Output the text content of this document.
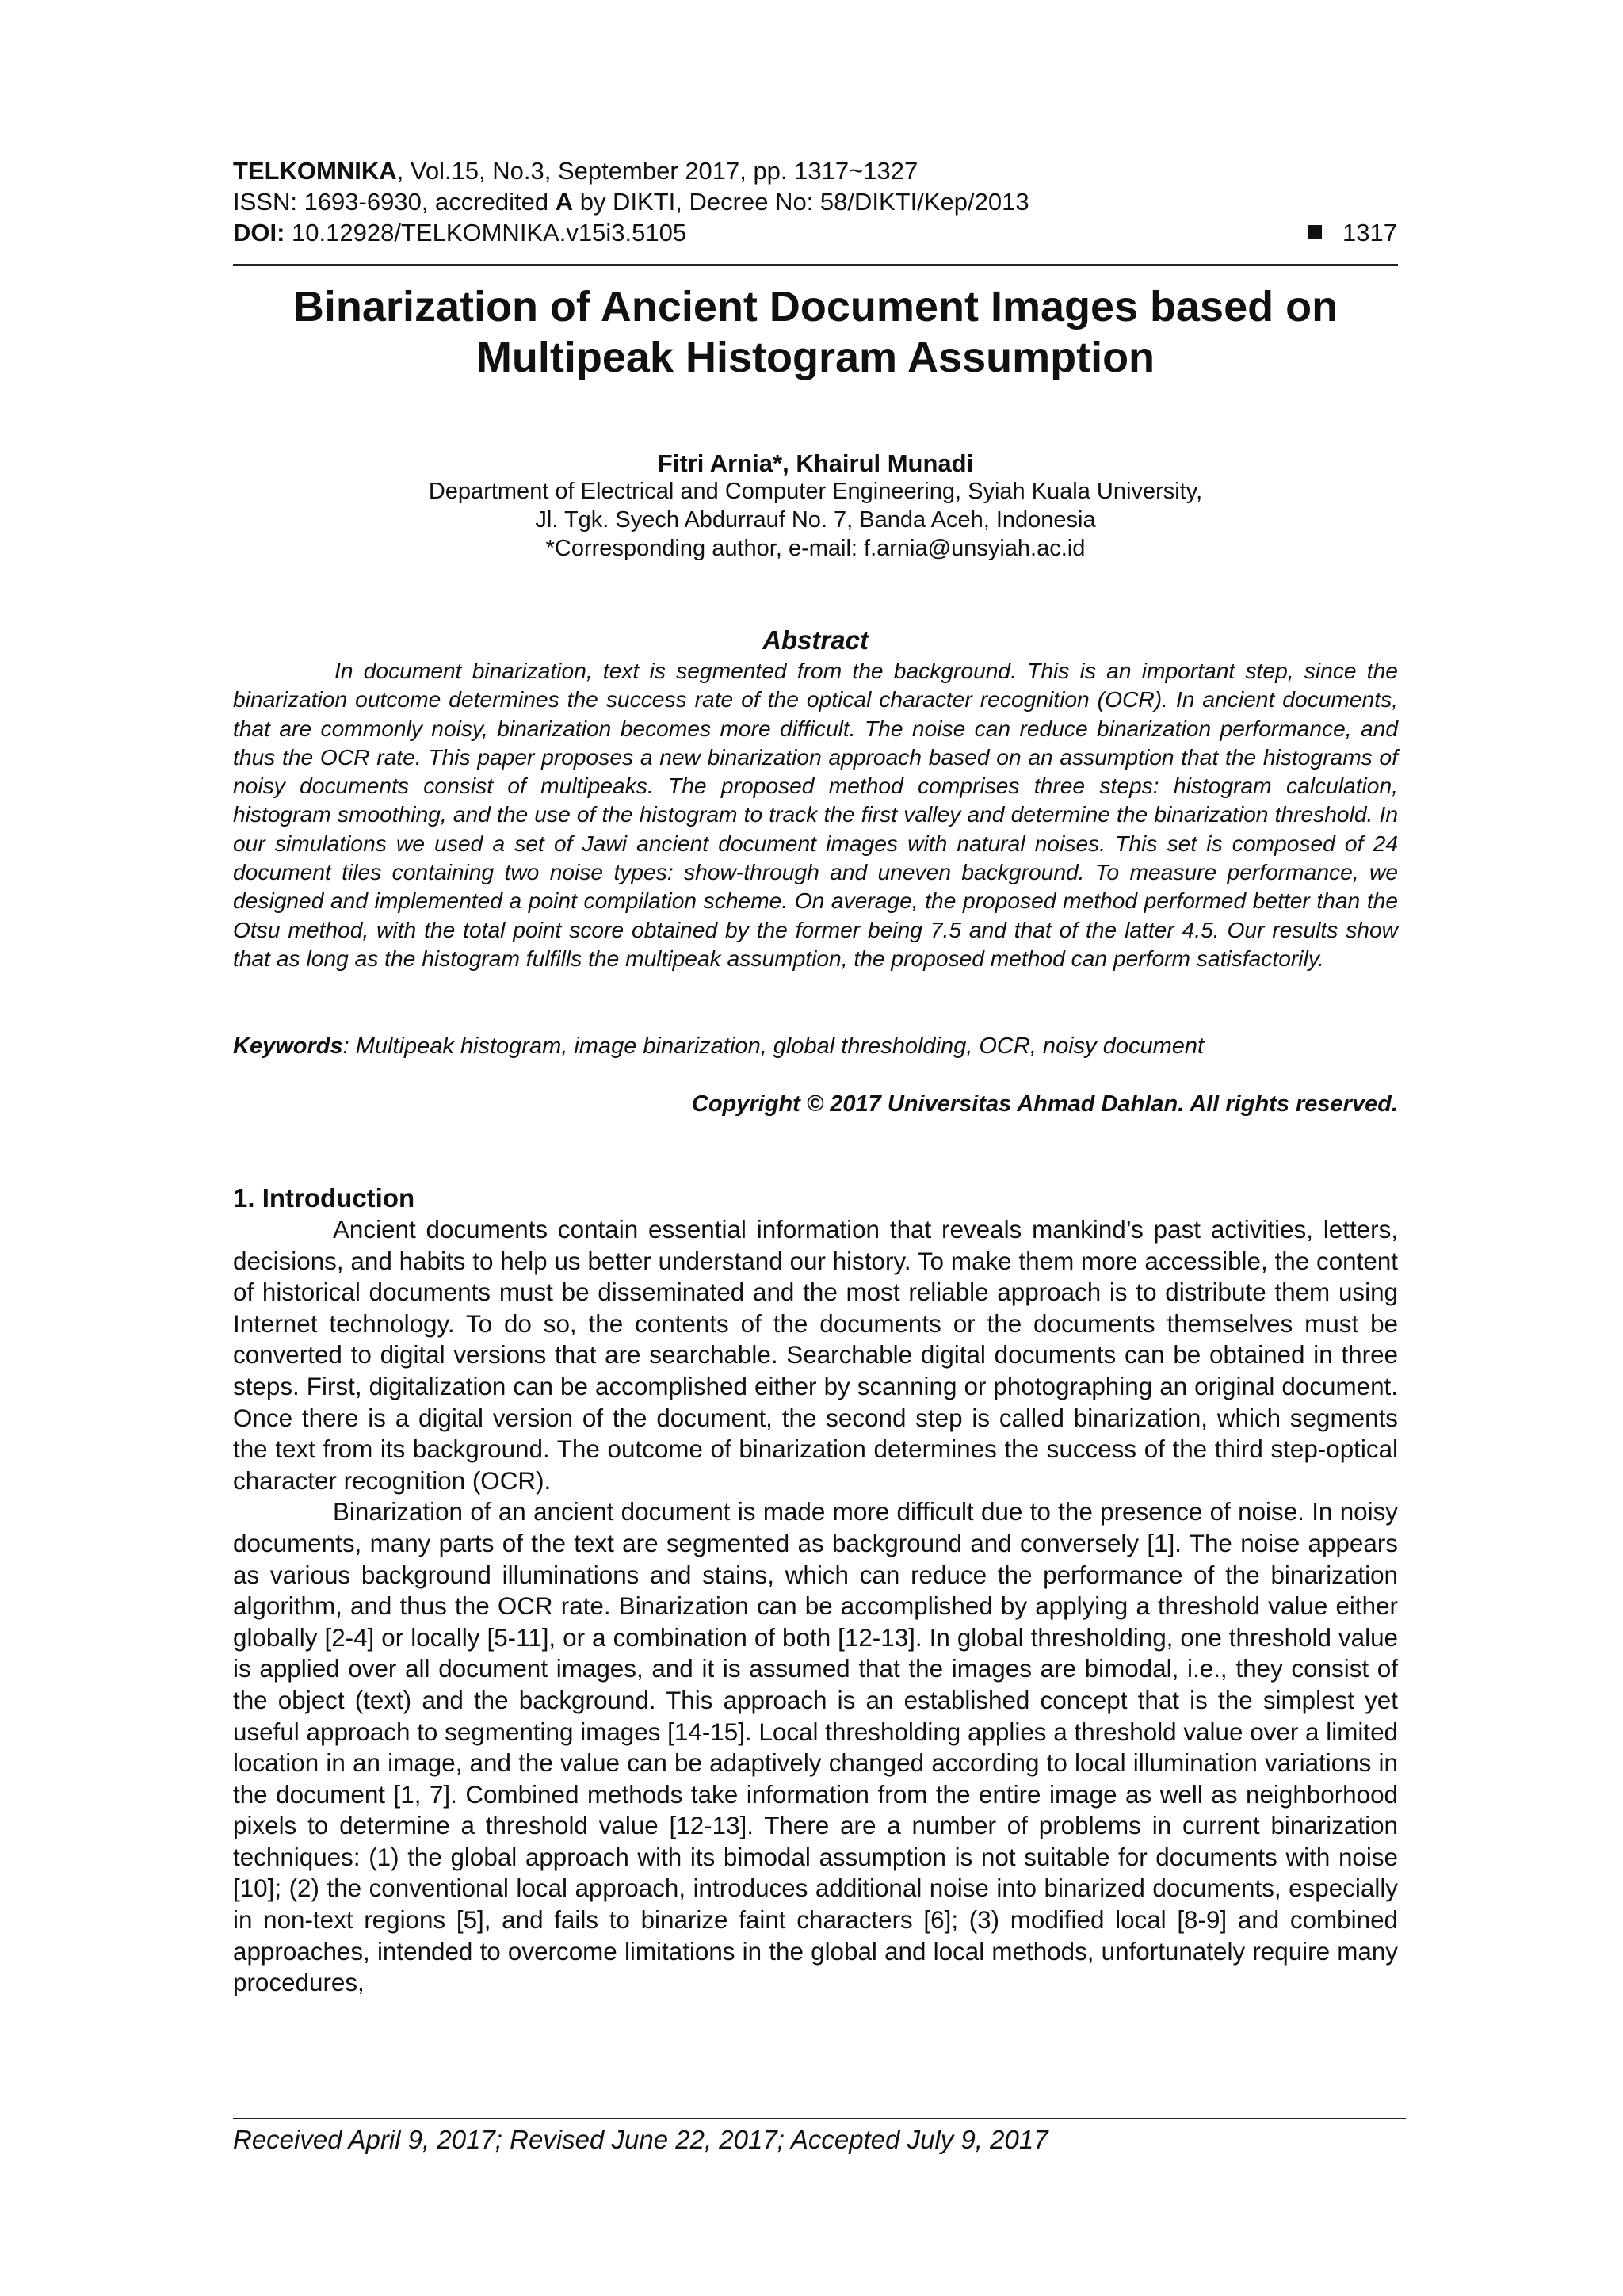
TELKOMNIKA, Vol.15, No.3, September 2017, pp. 1317~1327
ISSN: 1693-6930, accredited A by DIKTI, Decree No: 58/DIKTI/Kep/2013
DOI: 10.12928/TELKOMNIKA.v15i3.5105	1317
Binarization of Ancient Document Images based on
Multipeak Histogram Assumption
Fitri Arnia*, Khairul Munadi
Department of Electrical and Computer Engineering, Syiah Kuala University,
Jl. Tgk. Syech Abdurrauf No. 7, Banda Aceh, Indonesia
*Corresponding author, e-mail: f.arnia@unsyiah.ac.id
Abstract

In document binarization, text is segmented from the background. This is an important step, since the binarization outcome determines the success rate of the optical character recognition (OCR). In ancient documents, that are commonly noisy, binarization becomes more difficult. The noise can reduce binarization performance, and thus the OCR rate. This paper proposes a new binarization approach based on an assumption that the histograms of noisy documents consist of multipeaks. The proposed method comprises three steps: histogram calculation, histogram smoothing, and the use of the histogram to track the first valley and determine the binarization threshold. In our simulations we used a set of Jawi ancient document images with natural noises. This set is composed of 24 document tiles containing two noise types: show-through and uneven background. To measure performance, we designed and implemented a point compilation scheme. On average, the proposed method performed better than the Otsu method, with the total point score obtained by the former being 7.5 and that of the latter 4.5. Our results show that as long as the histogram fulfills the multipeak assumption, the proposed method can perform satisfactorily.

Keywords: Multipeak histogram, image binarization, global thresholding, OCR, noisy document
Copyright © 2017 Universitas Ahmad Dahlan. All rights reserved.
1. Introduction

Ancient documents contain essential information that reveals mankind’s past activities, letters, decisions, and habits to help us better understand our history. To make them more accessible, the content of historical documents must be disseminated and the most reliable approach is to distribute them using Internet technology. To do so, the contents of the documents or the documents themselves must be converted to digital versions that are searchable. Searchable digital documents can be obtained in three steps. First, digitalization can be accomplished either by scanning or photographing an original document. Once there is a digital version of the document, the second step is called binarization, which segments the text from its background. The outcome of binarization determines the success of the third step-optical character recognition (OCR).

Binarization of an ancient document is made more difficult due to the presence of noise. In noisy documents, many parts of the text are segmented as background and conversely [1]. The noise appears as various background illuminations and stains, which can reduce the performance of the binarization algorithm, and thus the OCR rate. Binarization can be accomplished by applying a threshold value either globally [2-4] or locally [5-11], or a combination of both [12-13]. In global thresholding, one threshold value is applied over all document images, and it is assumed that the images are bimodal, i.e., they consist of the object (text) and the background. This approach is an established concept that is the simplest yet useful approach to segmenting images [14-15]. Local thresholding applies a threshold value over a limited location in an image, and the value can be adaptively changed according to local illumination variations in the document [1, 7]. Combined methods take information from the entire image as well as neighborhood pixels to determine a threshold value [12-13]. There are a number of problems in current binarization techniques: (1) the global approach with its bimodal assumption is not suitable for documents with noise [10]; (2) the conventional local approach, introduces additional noise into binarized documents, especially in non-text regions [5], and fails to binarize faint characters [6]; (3) modified local [8-9] and combined approaches, intended to overcome limitations in the global and local methods, unfortunately require many procedures,

Received April 9, 2017; Revised June 22, 2017; Accepted July 9, 2017
